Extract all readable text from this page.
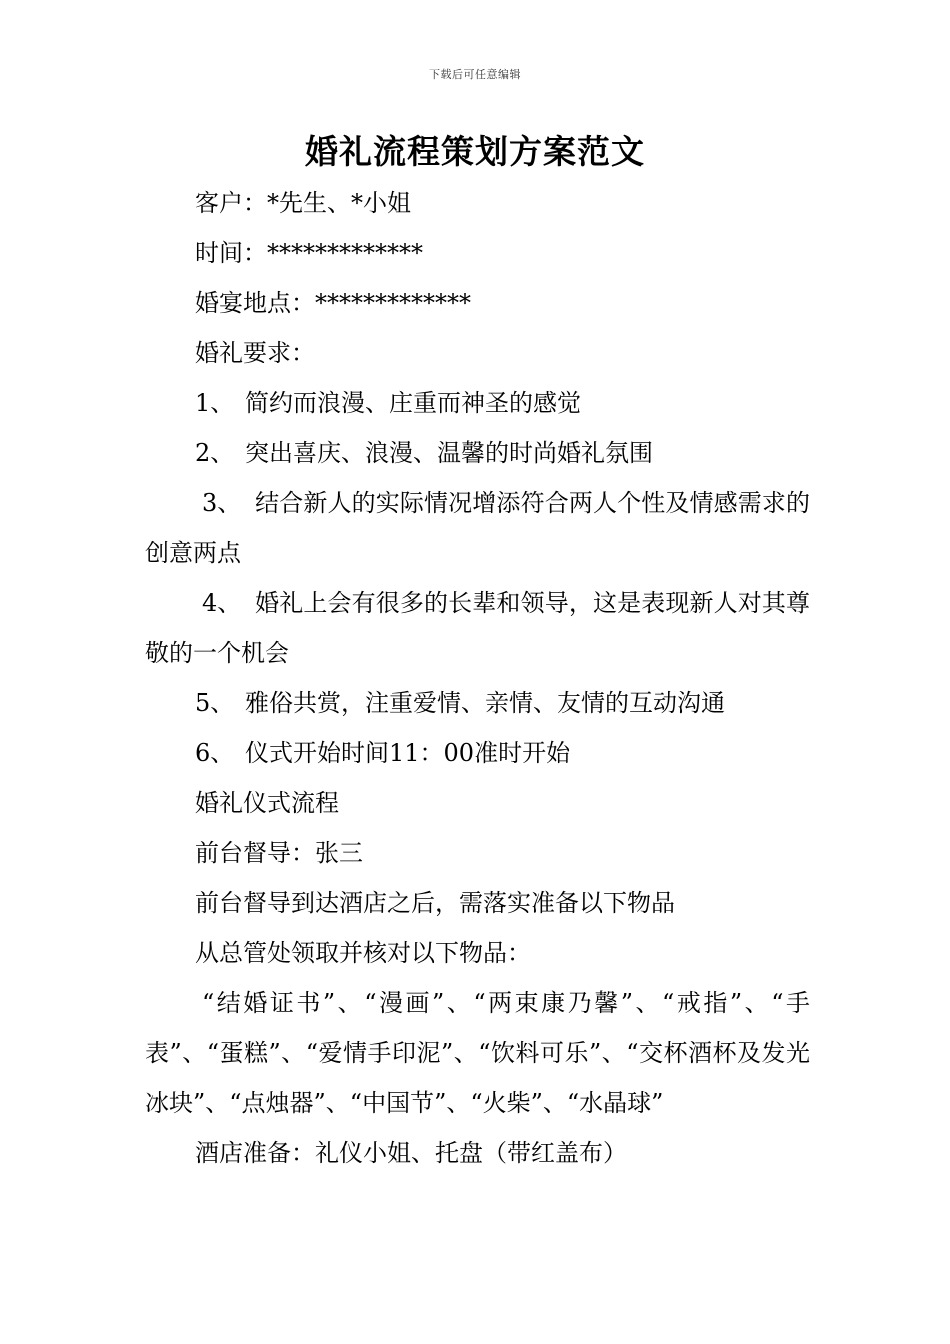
下载后可任意编辑
婚礼流程策划方案范文

客户：*先生、*小姐

时间：*************

婚宴地点：*************

婚礼要求：

1、 简约而浪漫、庄重而神圣的感觉

2、 突出喜庆、浪漫、温馨的时尚婚礼氛围

3、 结合新人的实际情况增添符合两人个性及情感需求的创意两点

4、 婚礼上会有很多的长辈和领导，这是表现新人对其尊敬的一个机会

5、 雅俗共赏，注重爱情、亲情、友情的互动沟通

6、 仪式开始时间11：00准时开始

婚礼仪式流程

前台督导：张三

前台督导到达酒店之后，需落实准备以下物品

从总管处领取并核对以下物品：

“结婚证书”、“漫画”、“两束康乃馨”、“戒指”、“手表”、“蛋糕”、“爱情手印泥”、“饮料可乐”、“交杯酒杯及发光冰块”、“点烛器”、“中国节”、“火柴”、“水晶球”

酒店准备：礼仪小姐、托盘（带红盖布）
